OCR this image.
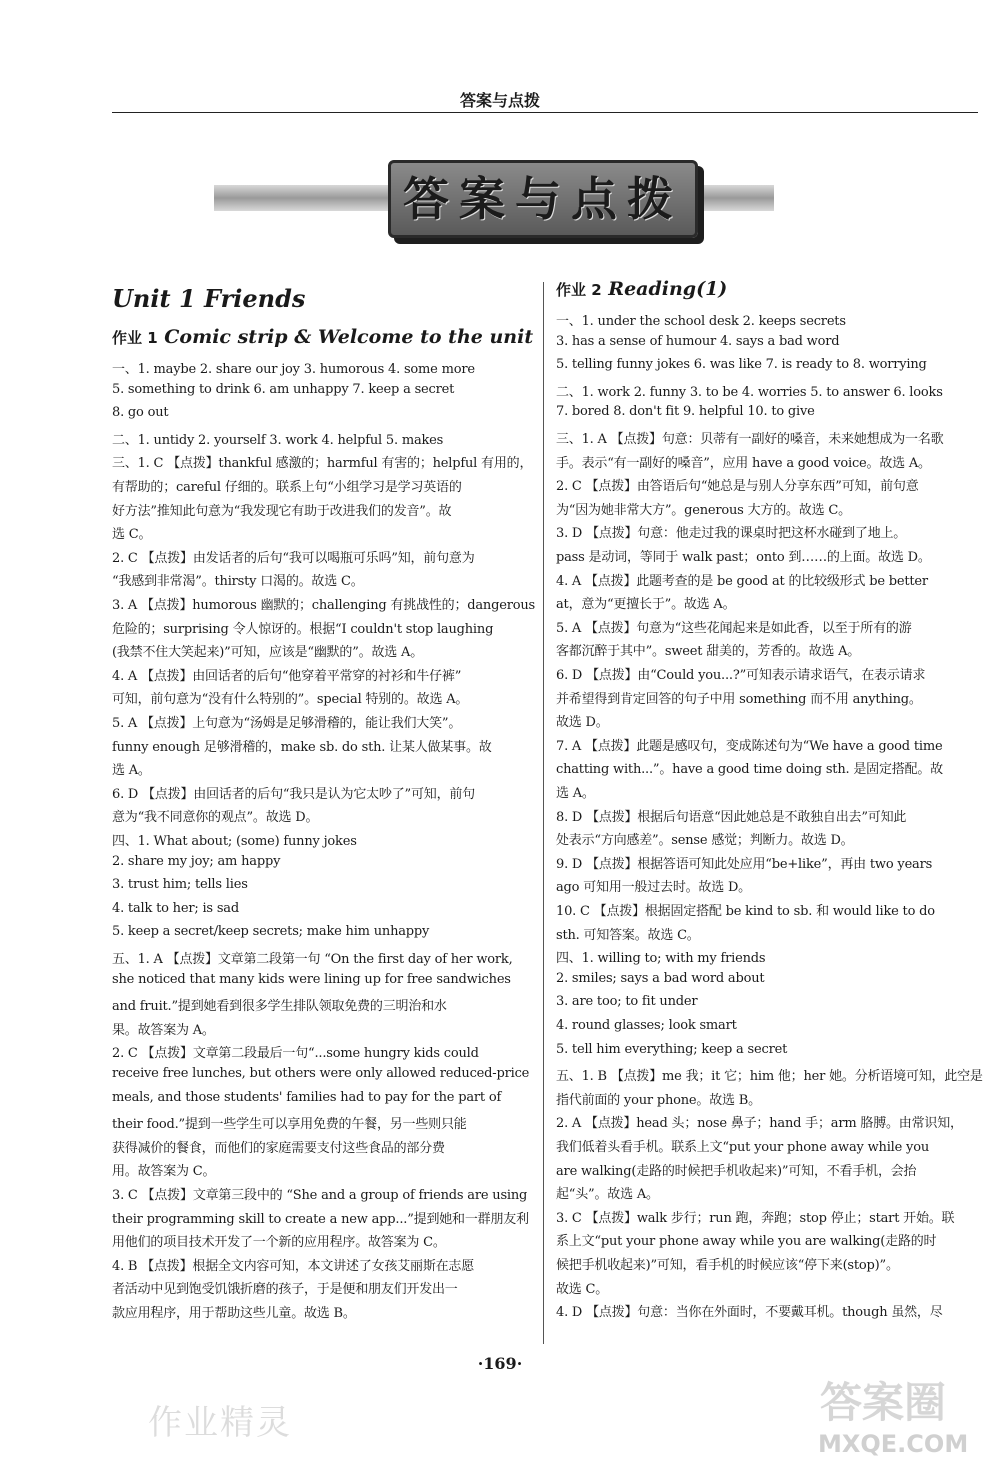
答案与点拨
答案与点拨
Unit 1 Friends
作业 1 Comic strip & Welcome to the unit
作业 2 Reading(1)
一、1. maybe 2. share our joy 3. humorous 4. some more
5. something to drink 6. am unhappy 7. keep a secret
8. go out
二、1. untidy 2. yourself 3. work 4. helpful 5. makes
三、1. C 【点拨】thankful 感激的；harmful 有害的；helpful 有用的，
有帮助的；careful 仔细的。联系上句“小组学习是学习英语的
好方法”推知此句意为“我发现它有助于改进我们的发音”。故
选 C。
2. C 【点拨】由发话者的后句“我可以喝瓶可乐吗”知，前句意为
“我感到非常渴”。thirsty 口渴的。故选 C。
3. A 【点拨】humorous 幽默的；challenging 有挑战性的；dangerous
危险的；surprising 令人惊讶的。根据“I couldn't stop laughing
(我禁不住大笑起来)”可知，应该是“幽默的”。故选 A。
4. A 【点拨】由回话者的后句“他穿着平常穿的衬衫和牛仔裤”
可知，前句意为“没有什么特别的”。special 特别的。故选 A。
5. A 【点拨】上句意为“汤姆是足够滑稽的，能让我们大笑”。
funny enough 足够滑稽的，make sb. do sth. 让某人做某事。故
选 A。
6. D 【点拨】由回话者的后句“我只是认为它太吵了”可知，前句
意为“我不同意你的观点”。故选 D。
四、1. What about; (some) funny jokes
2. share my joy; am happy
3. trust him; tells lies
4. talk to her; is sad
5. keep a secret/keep secrets; make him unhappy
五、1. A 【点拨】文章第二段第一句 “On the first day of her work,
she noticed that many kids were lining up for free sandwiches
and fruit.”提到她看到很多学生排队领取免费的三明治和水
果。故答案为 A。
2. C 【点拨】文章第二段最后一句“...some hungry kids could
receive free lunches, but others were only allowed reduced-price
meals, and those students' families had to pay for the part of
their food.”提到一些学生可以享用免费的午餐，另一些则只能
获得减价的餐食，而他们的家庭需要支付这些食品的部分费
用。故答案为 C。
3. C 【点拨】文章第三段中的 “She and a group of friends are using
their programming skill to create a new app...”提到她和一群朋友利
用他们的项目技术开发了一个新的应用程序。故答案为 C。
4. B 【点拨】根据全文内容可知，本文讲述了女孩艾丽斯在志愿
者活动中见到饱受饥饿折磨的孩子，于是便和朋友们开发出一
款应用程序，用于帮助这些儿童。故选 B。
一、1. under the school desk 2. keeps secrets
3. has a sense of humour 4. says a bad word
5. telling funny jokes 6. was like 7. is ready to 8. worrying
二、1. work 2. funny 3. to be 4. worries 5. to answer 6. looks
7. bored 8. don't fit 9. helpful 10. to give
三、1. A 【点拨】句意：贝蒂有一副好的嗓音，未来她想成为一名歌
手。表示“有一副好的嗓音”，应用 have a good voice。故选 A。
2. C 【点拨】由答语后句“她总是与别人分享东西”可知，前句意
为“因为她非常大方”。generous 大方的。故选 C。
3. D 【点拨】句意：他走过我的课桌时把这杯水碰到了地上。
pass 是动词，等同于 walk past；onto 到……的上面。故选 D。
4. A 【点拨】此题考查的是 be good at 的比较级形式 be better
at，意为“更擅长于”。故选 A。
5. A 【点拨】句意为“这些花闻起来是如此香，以至于所有的游
客都沉醉于其中”。sweet 甜美的，芳香的。故选 A。
6. D 【点拨】由“Could you...?”可知表示请求语气，在表示请求
并希望得到肯定回答的句子中用 something 而不用 anything。
故选 D。
7. A 【点拨】此题是感叹句，变成陈述句为“We have a good time
chatting with...”。have a good time doing sth. 是固定搭配。故
选 A。
8. D 【点拨】根据后句语意“因此她总是不敢独自出去”可知此
处表示“方向感差”。sense 感觉；判断力。故选 D。
9. D 【点拨】根据答语可知此处应用“be+like”，再由 two years
ago 可知用一般过去时。故选 D。
10. C 【点拨】根据固定搭配 be kind to sb. 和 would like to do
sth. 可知答案。故选 C。
四、1. willing to; with my friends
2. smiles; says a bad word about
3. are too; to fit under
4. round glasses; look smart
5. tell him everything; keep a secret
五、1. B 【点拨】me 我；it 它；him 他；her 她。分析语境可知，此空是
指代前面的 your phone。故选 B。
2. A 【点拨】head 头；nose 鼻子；hand 手；arm 胳膊。由常识知，
我们低着头看手机。联系上文“put your phone away while you
are walking(走路的时候把手机收起来)”可知，不看手机，会抬
起“头”。故选 A。
3. C 【点拨】walk 步行；run 跑，奔跑；stop 停止；start 开始。联
系上文“put your phone away while you are walking(走路的时
候把手机收起来)”可知，看手机的时候应该“停下来(stop)”。
故选 C。
4. D 【点拨】句意：当你在外面时，不要戴耳机。though 虽然，尽
·169·
作业精灵	答案圈
MXQE.COM
